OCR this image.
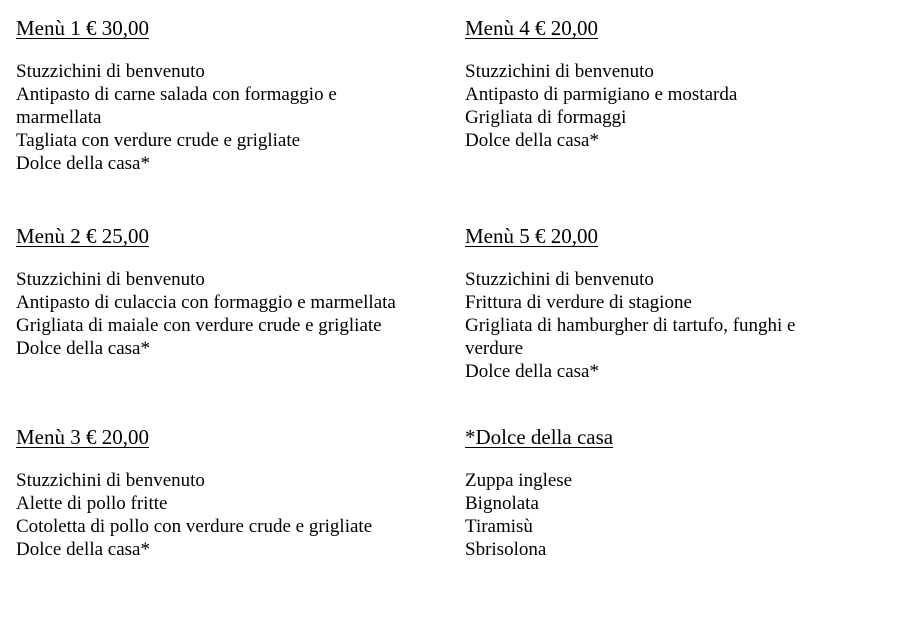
Menù 1 € 30,00
Stuzzichini di benvenuto
Antipasto di carne salada con formaggio e marmellata
Tagliata con verdure crude e grigliate
Dolce della casa*
Menù 2 € 25,00
Stuzzichini di benvenuto
Antipasto di culaccia con formaggio e marmellata
Grigliata di maiale con verdure crude e grigliate
Dolce della casa*
Menù 3 € 20,00
Stuzzichini di benvenuto
Alette di pollo fritte
Cotoletta di pollo con verdure crude e grigliate
Dolce della casa*
Menù 4 € 20,00
Stuzzichini di benvenuto
Antipasto di parmigiano e mostarda
Grigliata di formaggi
Dolce della casa*
Menù 5 € 20,00
Stuzzichini di benvenuto
Frittura di verdure di stagione
Grigliata di hamburgher di tartufo, funghi e verdure
Dolce della casa*
*Dolce della casa
Zuppa inglese
Bignolata
Tiramisù
Sbrisolona
